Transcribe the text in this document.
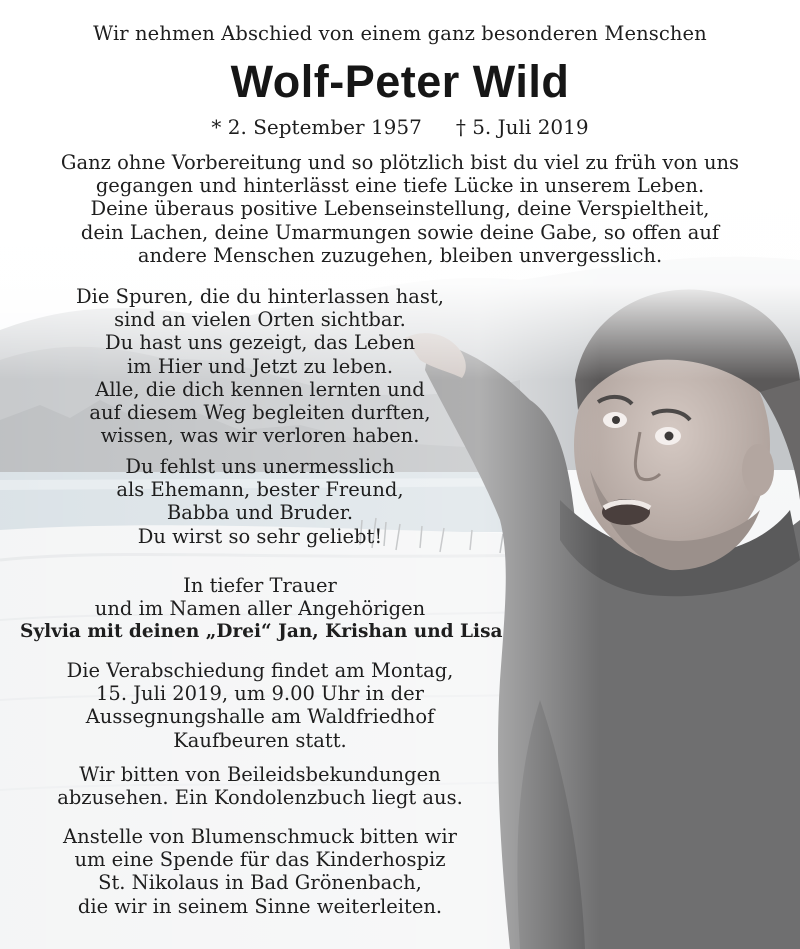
Wir nehmen Abschied von einem ganz besonderen Menschen
Wolf-Peter Wild
* 2. September 1957 † 5. Juli 2019
Ganz ohne Vorbereitung und so plötzlich bist du viel zu früh von uns
gegangen und hinterlässt eine tiefe Lücke in unserem Leben.
Deine überaus positive Lebenseinstellung, deine Verspieltheit,
dein Lachen, deine Umarmungen sowie deine Gabe, so offen auf
andere Menschen zuzugehen, bleiben unvergesslich.
Die Spuren, die du hinterlassen hast,
sind an vielen Orten sichtbar.
Du hast uns gezeigt, das Leben
im Hier und Jetzt zu leben.
Alle, die dich kennen lernten und
auf diesem Weg begleiten durften,
wissen, was wir verloren haben.
Du fehlst uns unermesslich
als Ehemann, bester Freund,
Babba und Bruder.
Du wirst so sehr geliebt!
In tiefer Trauer
und im Namen aller Angehörigen
Sylvia mit deinen „Drei“ Jan, Krishan und Lisa
Die Verabschiedung findet am Montag,
15. Juli 2019, um 9.00 Uhr in der
Aussegnungshalle am Waldfriedhof
Kaufbeuren statt.
Wir bitten von Beileidsbekundungen
abzusehen. Ein Kondolenzbuch liegt aus.
Anstelle von Blumenschmuck bitten wir
um eine Spende für das Kinderhospiz
St. Nikolaus in Bad Grönenbach,
die wir in seinem Sinne weiterleiten.
